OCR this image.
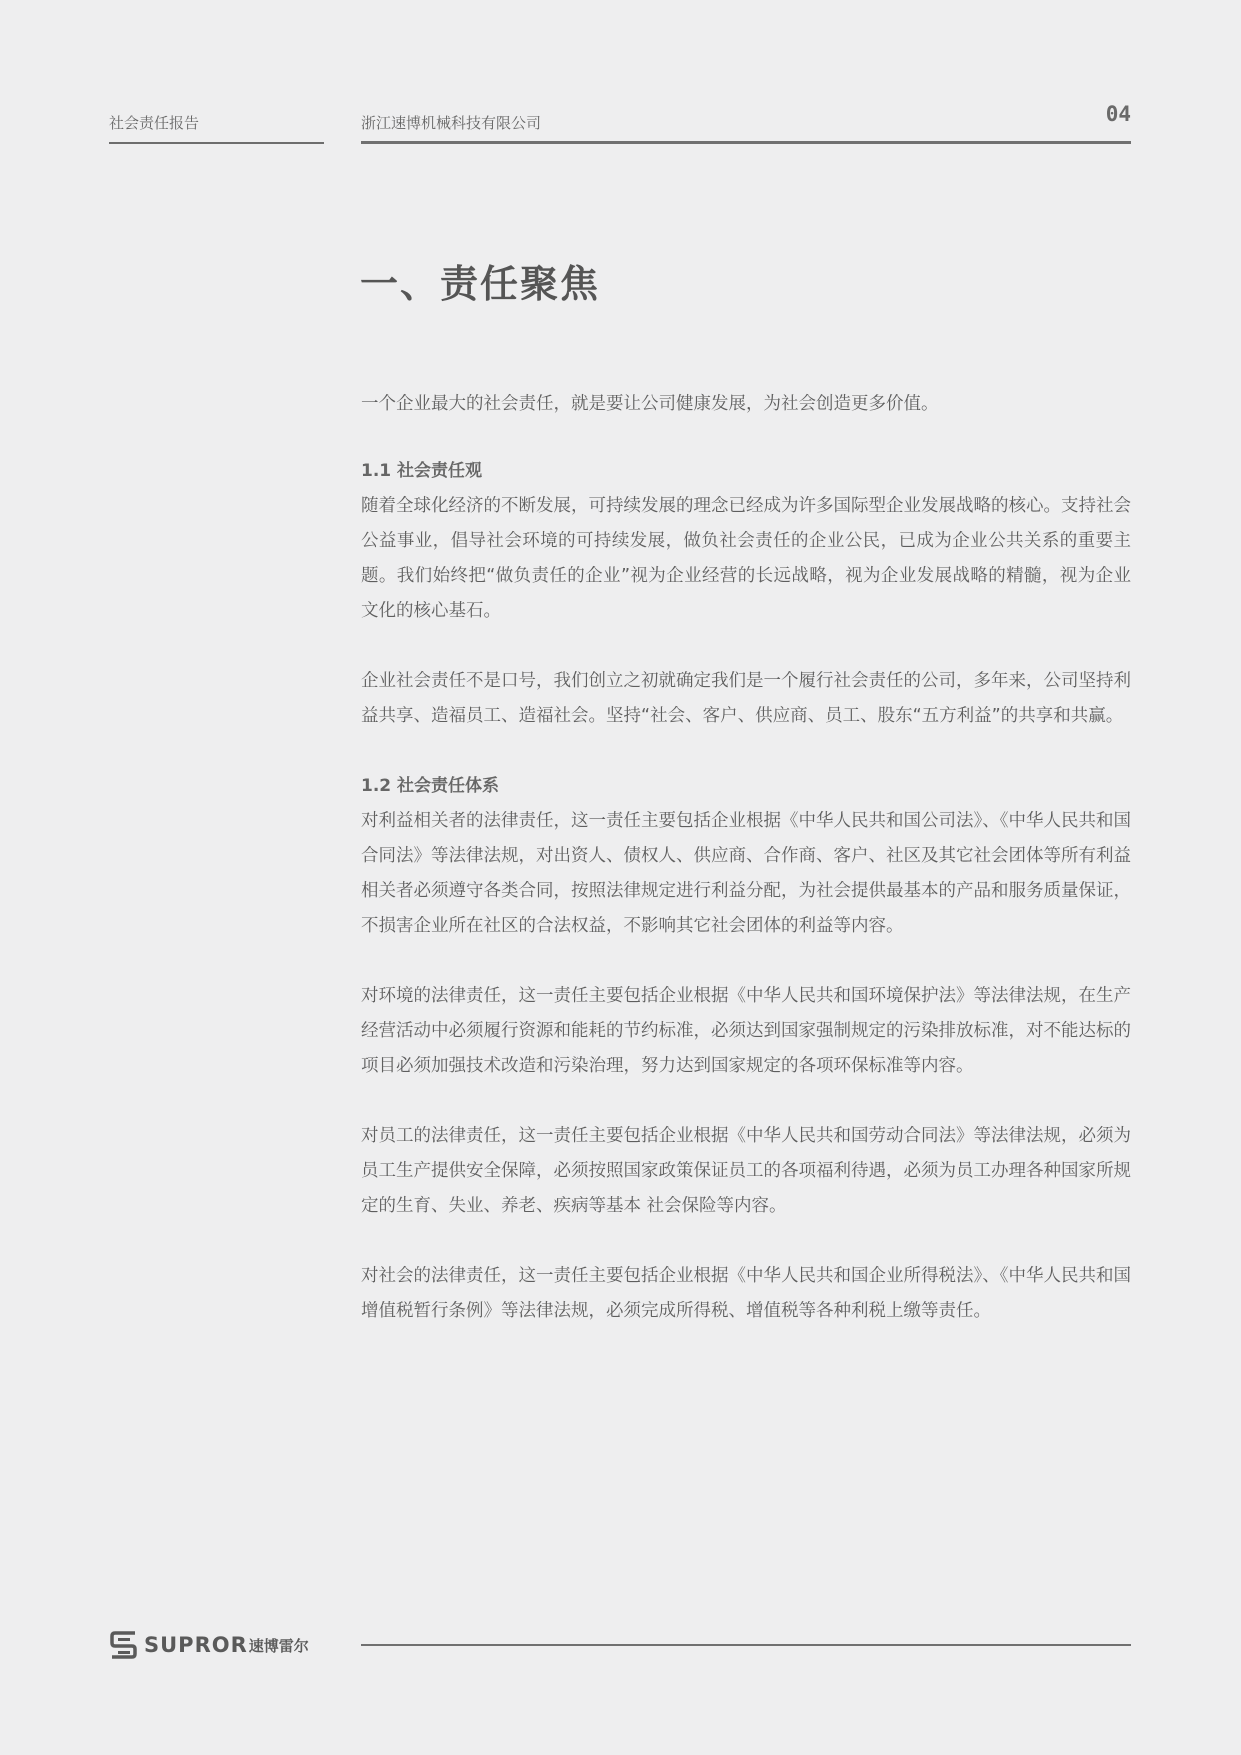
社会责任报告	浙江速博机械科技有限公司	04
一、责任聚焦

一个企业最大的社会责任，就是要让公司健康发展，为社会创造更多价值。

1.1 社会责任观

随着全球化经济的不断发展，可持续发展的理念已经成为许多国际型企业发展战略的核心。支持社会公益事业，倡导社会环境的可持续发展，做负社会责任的企业公民，已成为企业公共关系的重要主题。我们始终把“做负责任的企业”视为企业经营的长远战略，视为企业发展战略的精髓，视为企业文化的核心基石。

企业社会责任不是口号，我们创立之初就确定我们是一个履行社会责任的公司，多年来，公司坚持利益共享、造福员工、造福社会。坚持“社会、客户、供应商、员工、股东“五方利益”的共享和共赢。

1.2 社会责任体系

对利益相关者的法律责任，这一责任主要包括企业根据《中华人民共和国公司法》、《中华人民共和国合同法》等法律法规，对出资人、债权人、供应商、合作商、客户、社区及其它社会团体等所有利益相关者必须遵守各类合同，按照法律规定进行利益分配，为社会提供最基本的产品和服务质量保证，不损害企业所在社区的合法权益，不影响其它社会团体的利益等内容。

对环境的法律责任，这一责任主要包括企业根据《中华人民共和国环境保护法》等法律法规，在生产经营活动中必须履行资源和能耗的节约标准，必须达到国家强制规定的污染排放标准，对不能达标的项目必须加强技术改造和污染治理，努力达到国家规定的各项环保标准等内容。

对员工的法律责任，这一责任主要包括企业根据《中华人民共和国劳动合同法》等法律法规，必须为员工生产提供安全保障，必须按照国家政策保证员工的各项福利待遇，必须为员工办理各种国家所规定的生育、失业、养老、疾病等基本 社会保险等内容。

对社会的法律责任，这一责任主要包括企业根据《中华人民共和国企业所得税法》、《中华人民共和国增值税暂行条例》等法律法规，必须完成所得税、增值税等各种利税上缴等责任。

SUPROR 速博雷尔
